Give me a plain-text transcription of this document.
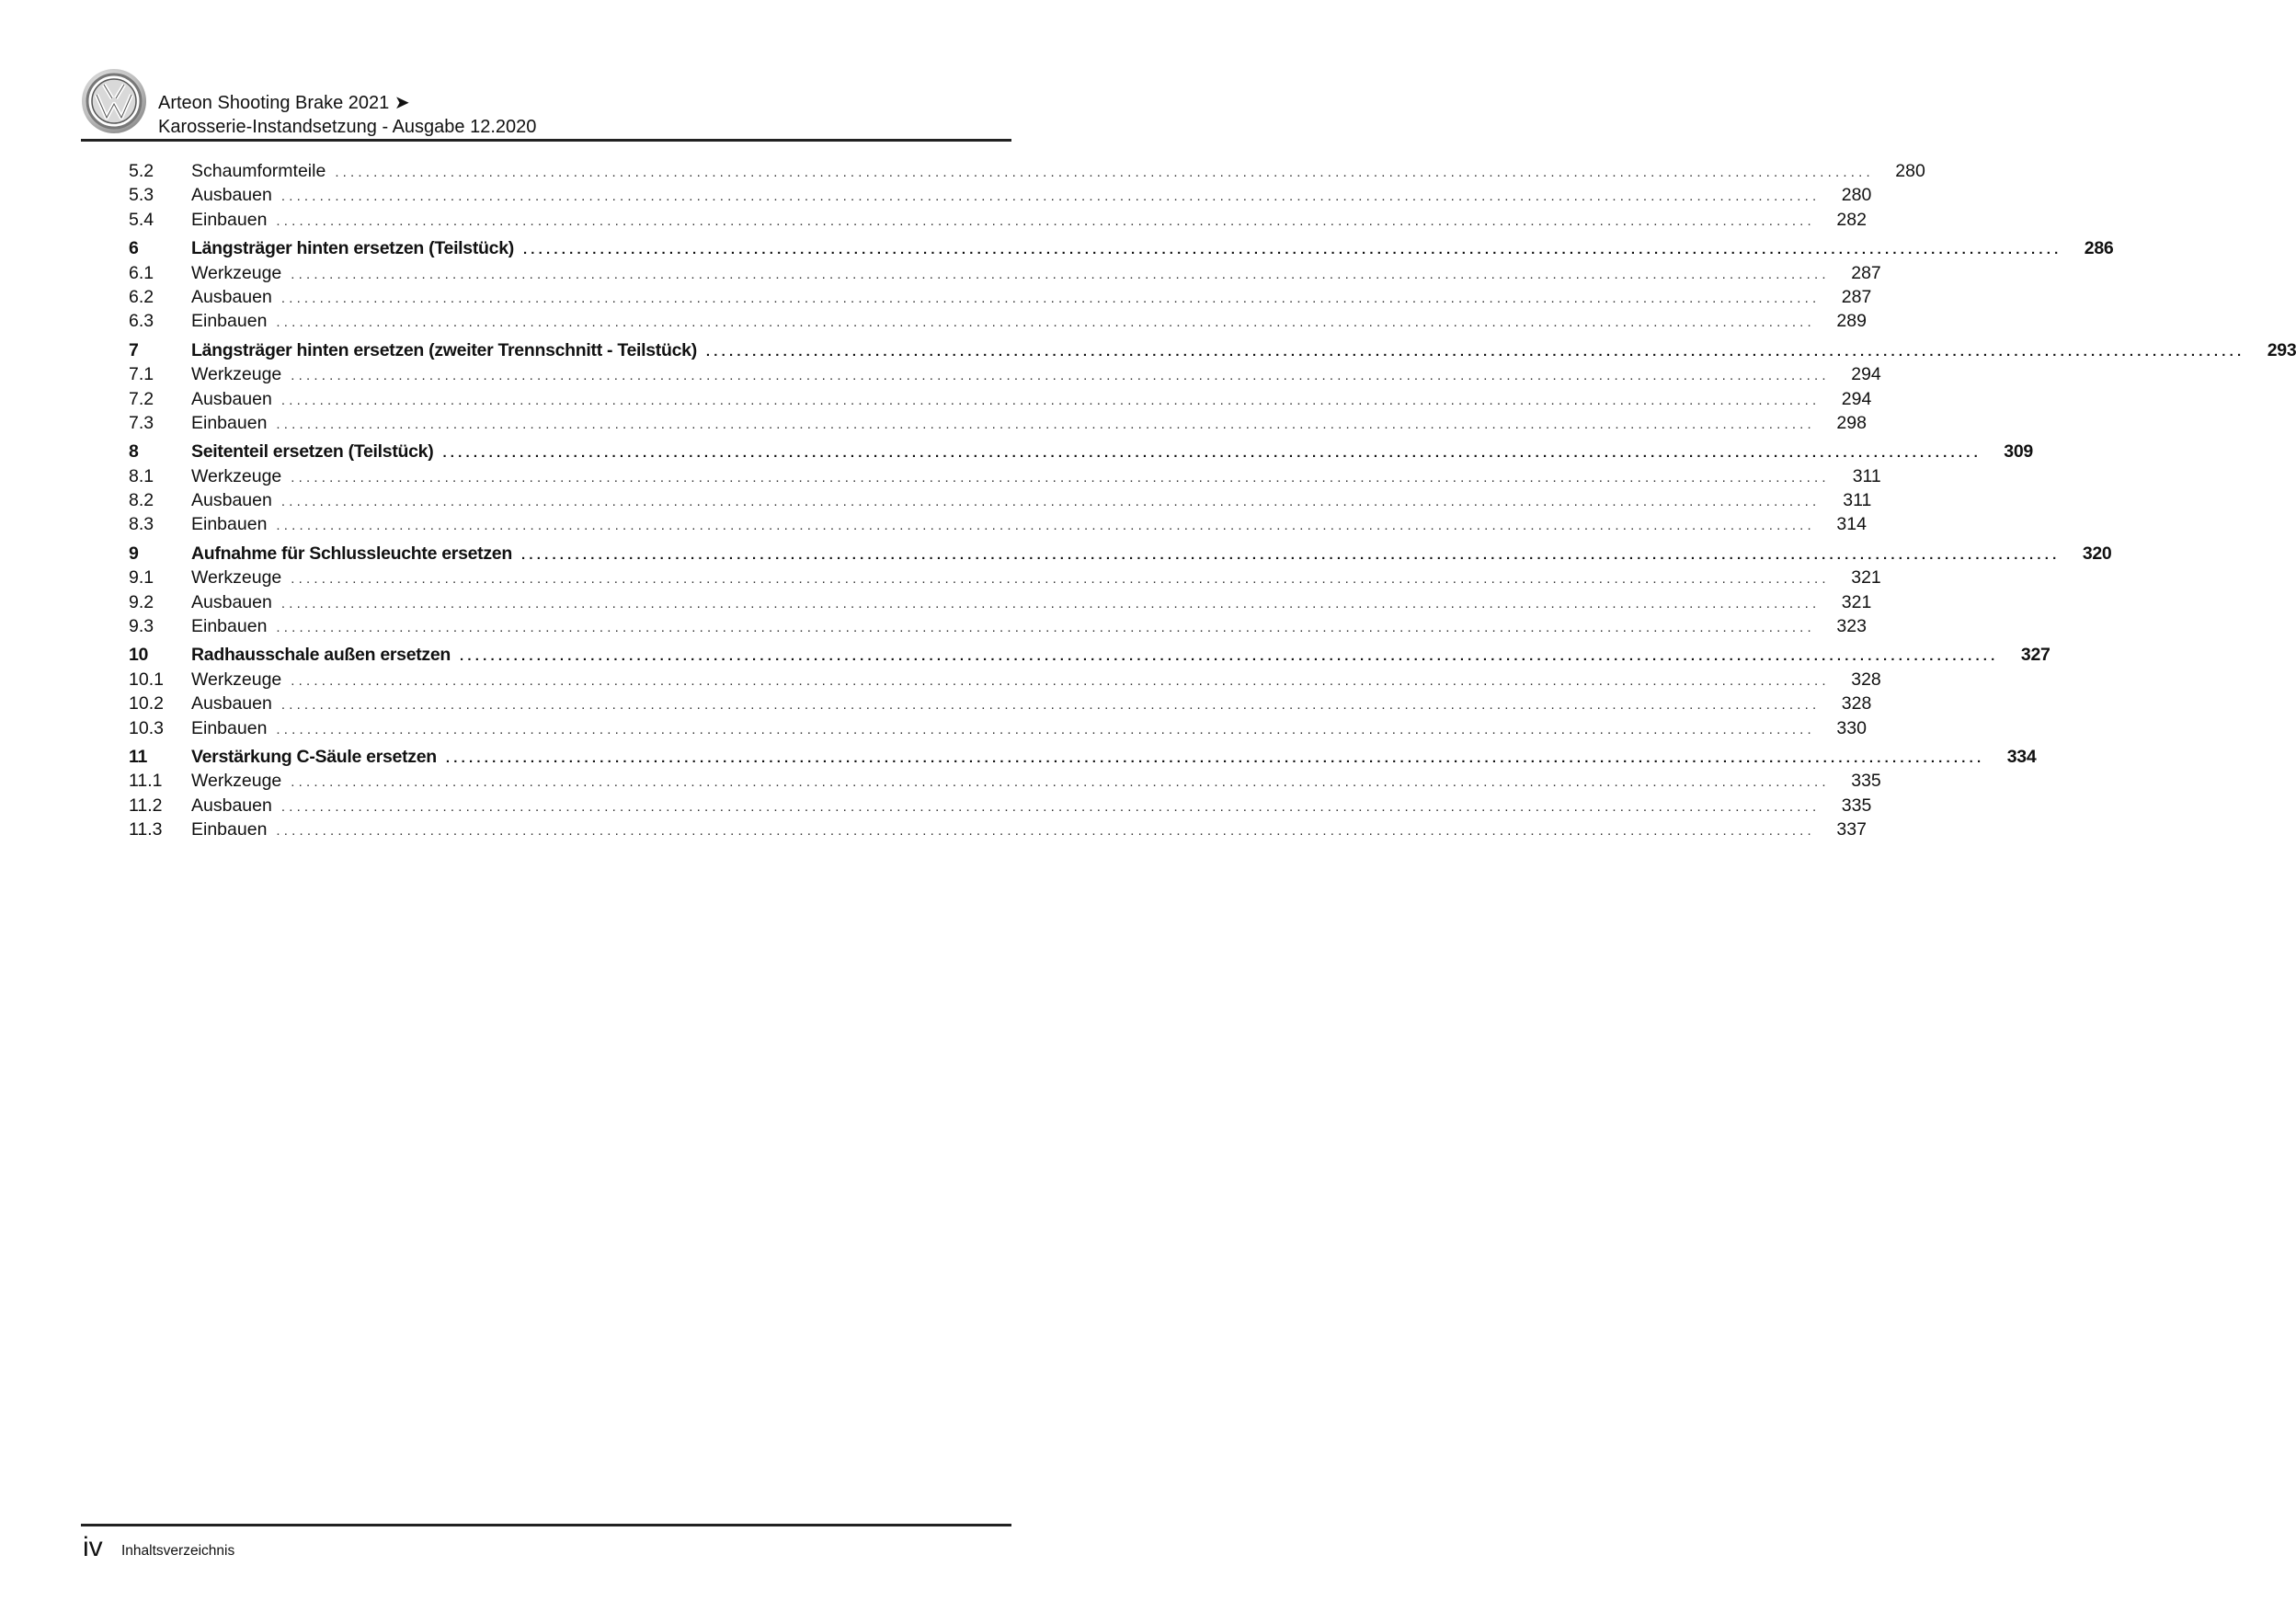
Arteon Shooting Brake 2021 ➤
Karosserie-Instandsetzung - Ausgabe 12.2020
5.2	Schaumformteile ........................................................................................................................................................................................................	280
5.3	Ausbauen ........................................................................................................................................................................................................	280
5.4	Einbauen ........................................................................................................................................................................................................	282
6	Längsträger hinten ersetzen (Teilstück) ........................................................................................................................................................................................................	286
6.1	Werkzeuge ........................................................................................................................................................................................................	287
6.2	Ausbauen ........................................................................................................................................................................................................	287
6.3	Einbauen ........................................................................................................................................................................................................	289
7	Längsträger hinten ersetzen (zweiter Trennschnitt - Teilstück) ........................................................................................................................................................................................................	293
7.1	Werkzeuge ........................................................................................................................................................................................................	294
7.2	Ausbauen ........................................................................................................................................................................................................	294
7.3	Einbauen ........................................................................................................................................................................................................	298
8	Seitenteil ersetzen (Teilstück) ........................................................................................................................................................................................................	309
8.1	Werkzeuge ........................................................................................................................................................................................................	311
8.2	Ausbauen ........................................................................................................................................................................................................	311
8.3	Einbauen ........................................................................................................................................................................................................	314
9	Aufnahme für Schlussleuchte ersetzen ........................................................................................................................................................................................................	320
9.1	Werkzeuge ........................................................................................................................................................................................................	321
9.2	Ausbauen ........................................................................................................................................................................................................	321
9.3	Einbauen ........................................................................................................................................................................................................	323
10	Radhausschale außen ersetzen ........................................................................................................................................................................................................	327
10.1	Werkzeuge ........................................................................................................................................................................................................	328
10.2	Ausbauen ........................................................................................................................................................................................................	328
10.3	Einbauen ........................................................................................................................................................................................................	330
11	Verstärkung C-Säule ersetzen ........................................................................................................................................................................................................	334
11.1	Werkzeuge ........................................................................................................................................................................................................	335
11.2	Ausbauen ........................................................................................................................................................................................................	335
11.3	Einbauen ........................................................................................................................................................................................................	337
iv Inhaltsverzeichnis
